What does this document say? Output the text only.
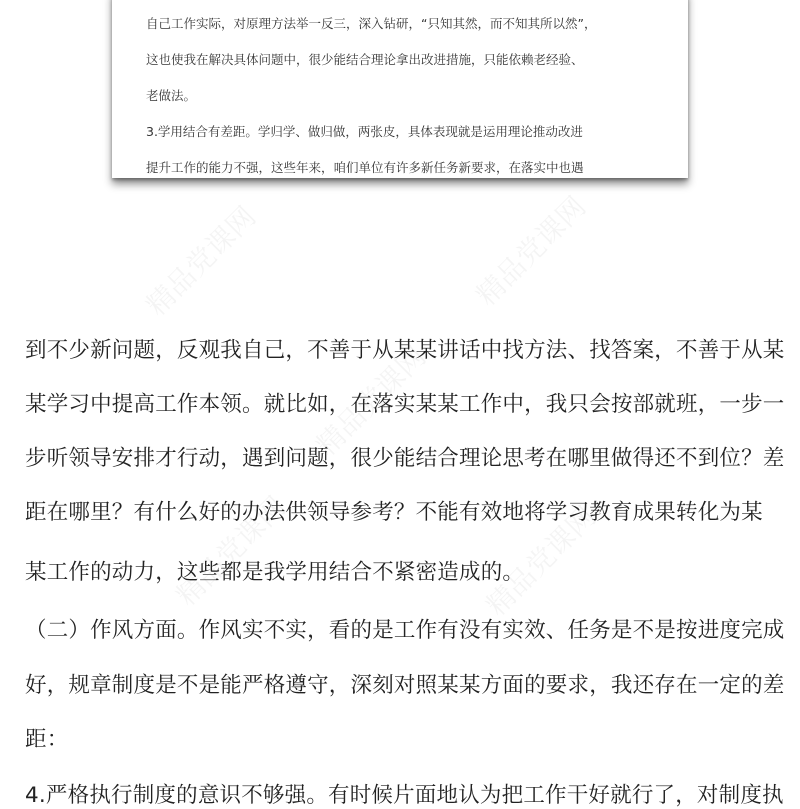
自己工作实际，对原理方法举一反三，深入钻研，“只知其然，而不知其所以然”，
这也使我在解决具体问题中，很少能结合理论拿出改进措施，只能依赖老经验、
老做法。
3.学用结合有差距。学归学、做归做，两张皮，具体表现就是运用理论推动改进
提升工作的能力不强，这些年来，咱们单位有许多新任务新要求，在落实中也遇
到不少新问题，反观我自己，不善于从某某讲话中找方法、找答案，不善于从某
某学习中提高工作本领。就比如，在落实某某工作中，我只会按部就班，一步一
步听领导安排才行动，遇到问题，很少能结合理论思考在哪里做得还不到位？差
距在哪里？有什么好的办法供领导参考？不能有效地将学习教育成果转化为某
某工作的动力，这些都是我学用结合不紧密造成的。
（二）作风方面。作风实不实，看的是工作有没有实效、任务是不是按进度完成
好，规章制度是不是能严格遵守，深刻对照某某方面的要求，我还存在一定的差
距：
4.严格执行制度的意识不够强。有时候片面地认为把工作干好就行了，对制度执
